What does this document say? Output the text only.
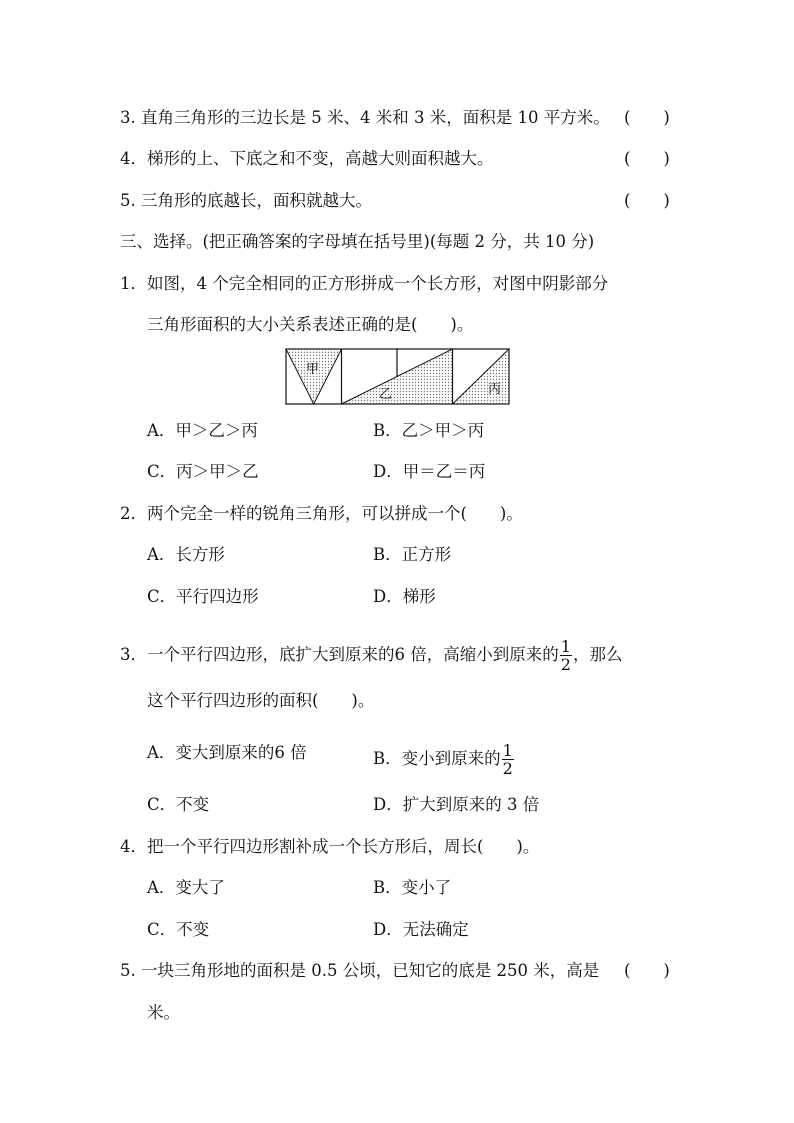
3. 直角三角形的三边长是 5 米、4 米和 3 米，面积是 10 平方米。 (　　)
4．梯形的上、下底之和不变，高越大则面积越大。	(　　)
5. 三角形的底越长，面积就越大。	(　　)
三、选择。(把正确答案的字母填在括号里)(每题 2 分，共 10 分)
1．如图，4 个完全相同的正方形拼成一个长方形，对图中阴影部分
三角形面积的大小关系表述正确的是(　　)。
甲
乙	丙
A．甲＞乙＞丙	B．乙＞甲＞丙
C．丙＞甲＞乙	D．甲＝乙＝丙
2．两个完全一样的锐角三角形，可以拼成一个(　　)。
A．长方形	B．正方形
C．平行四边形	D．梯形
3．一个平行四边形，底扩大到原来的6 倍，高缩小到原来的 $\frac{1}{2}$ ，那么
这个平行四边形的面积(　　)。
A．变大到原来的6 倍	B．变小到原来的 $\frac{1}{2}$
C．不变	D．扩大到原来的 3 倍
4．把一个平行四边形割补成一个长方形后，周长(　　)。
A．变大了	B．变小了
C．不变	D．无法确定
5. 一块三角形地的面积是 0.5 公顷，已知它的底是 250 米，高是 (　　)
米。
